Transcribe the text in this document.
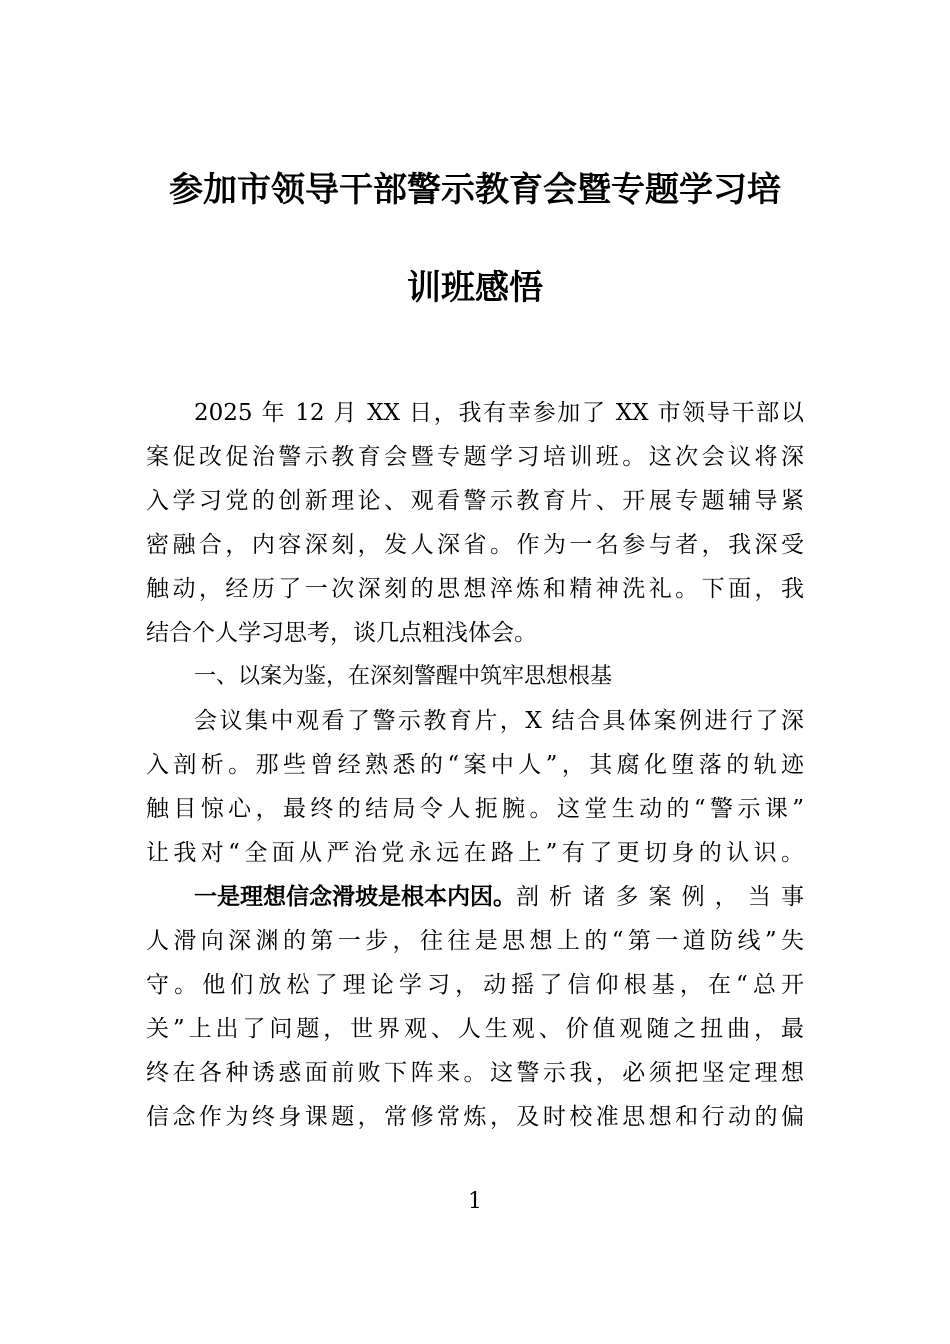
参加市领导干部警示教育会暨专题学习培
训班感悟
2025 年 12 月 XX 日，我有幸参加了 XX 市领导干部以
案促改促治警示教育会暨专题学习培训班。这次会议将深
入学习党的创新理论、观看警示教育片、开展专题辅导紧
密融合，内容深刻，发人深省。作为一名参与者，我深受
触动，经历了一次深刻的思想淬炼和精神洗礼。下面，我
结合个人学习思考，谈几点粗浅体会。
一、以案为鉴，在深刻警醒中筑牢思想根基
会议集中观看了警示教育片，X 结合具体案例进行了深
入剖析。那些曾经熟悉的“案中人”，其腐化堕落的轨迹
触目惊心，最终的结局令人扼腕。这堂生动的“警示课”
让我对“全面从严治党永远在路上”有了更切身的认识。
一是理想信念滑坡是根本内因。 剖析诸多案例，当事
人滑向深渊的第一步，往往是思想上的“第一道防线”失
守。他们放松了理论学习，动摇了信仰根基，在“总开
关”上出了问题，世界观、人生观、价值观随之扭曲，最
终在各种诱惑面前败下阵来。这警示我，必须把坚定理想
信念作为终身课题，常修常炼，及时校准思想和行动的偏
1
